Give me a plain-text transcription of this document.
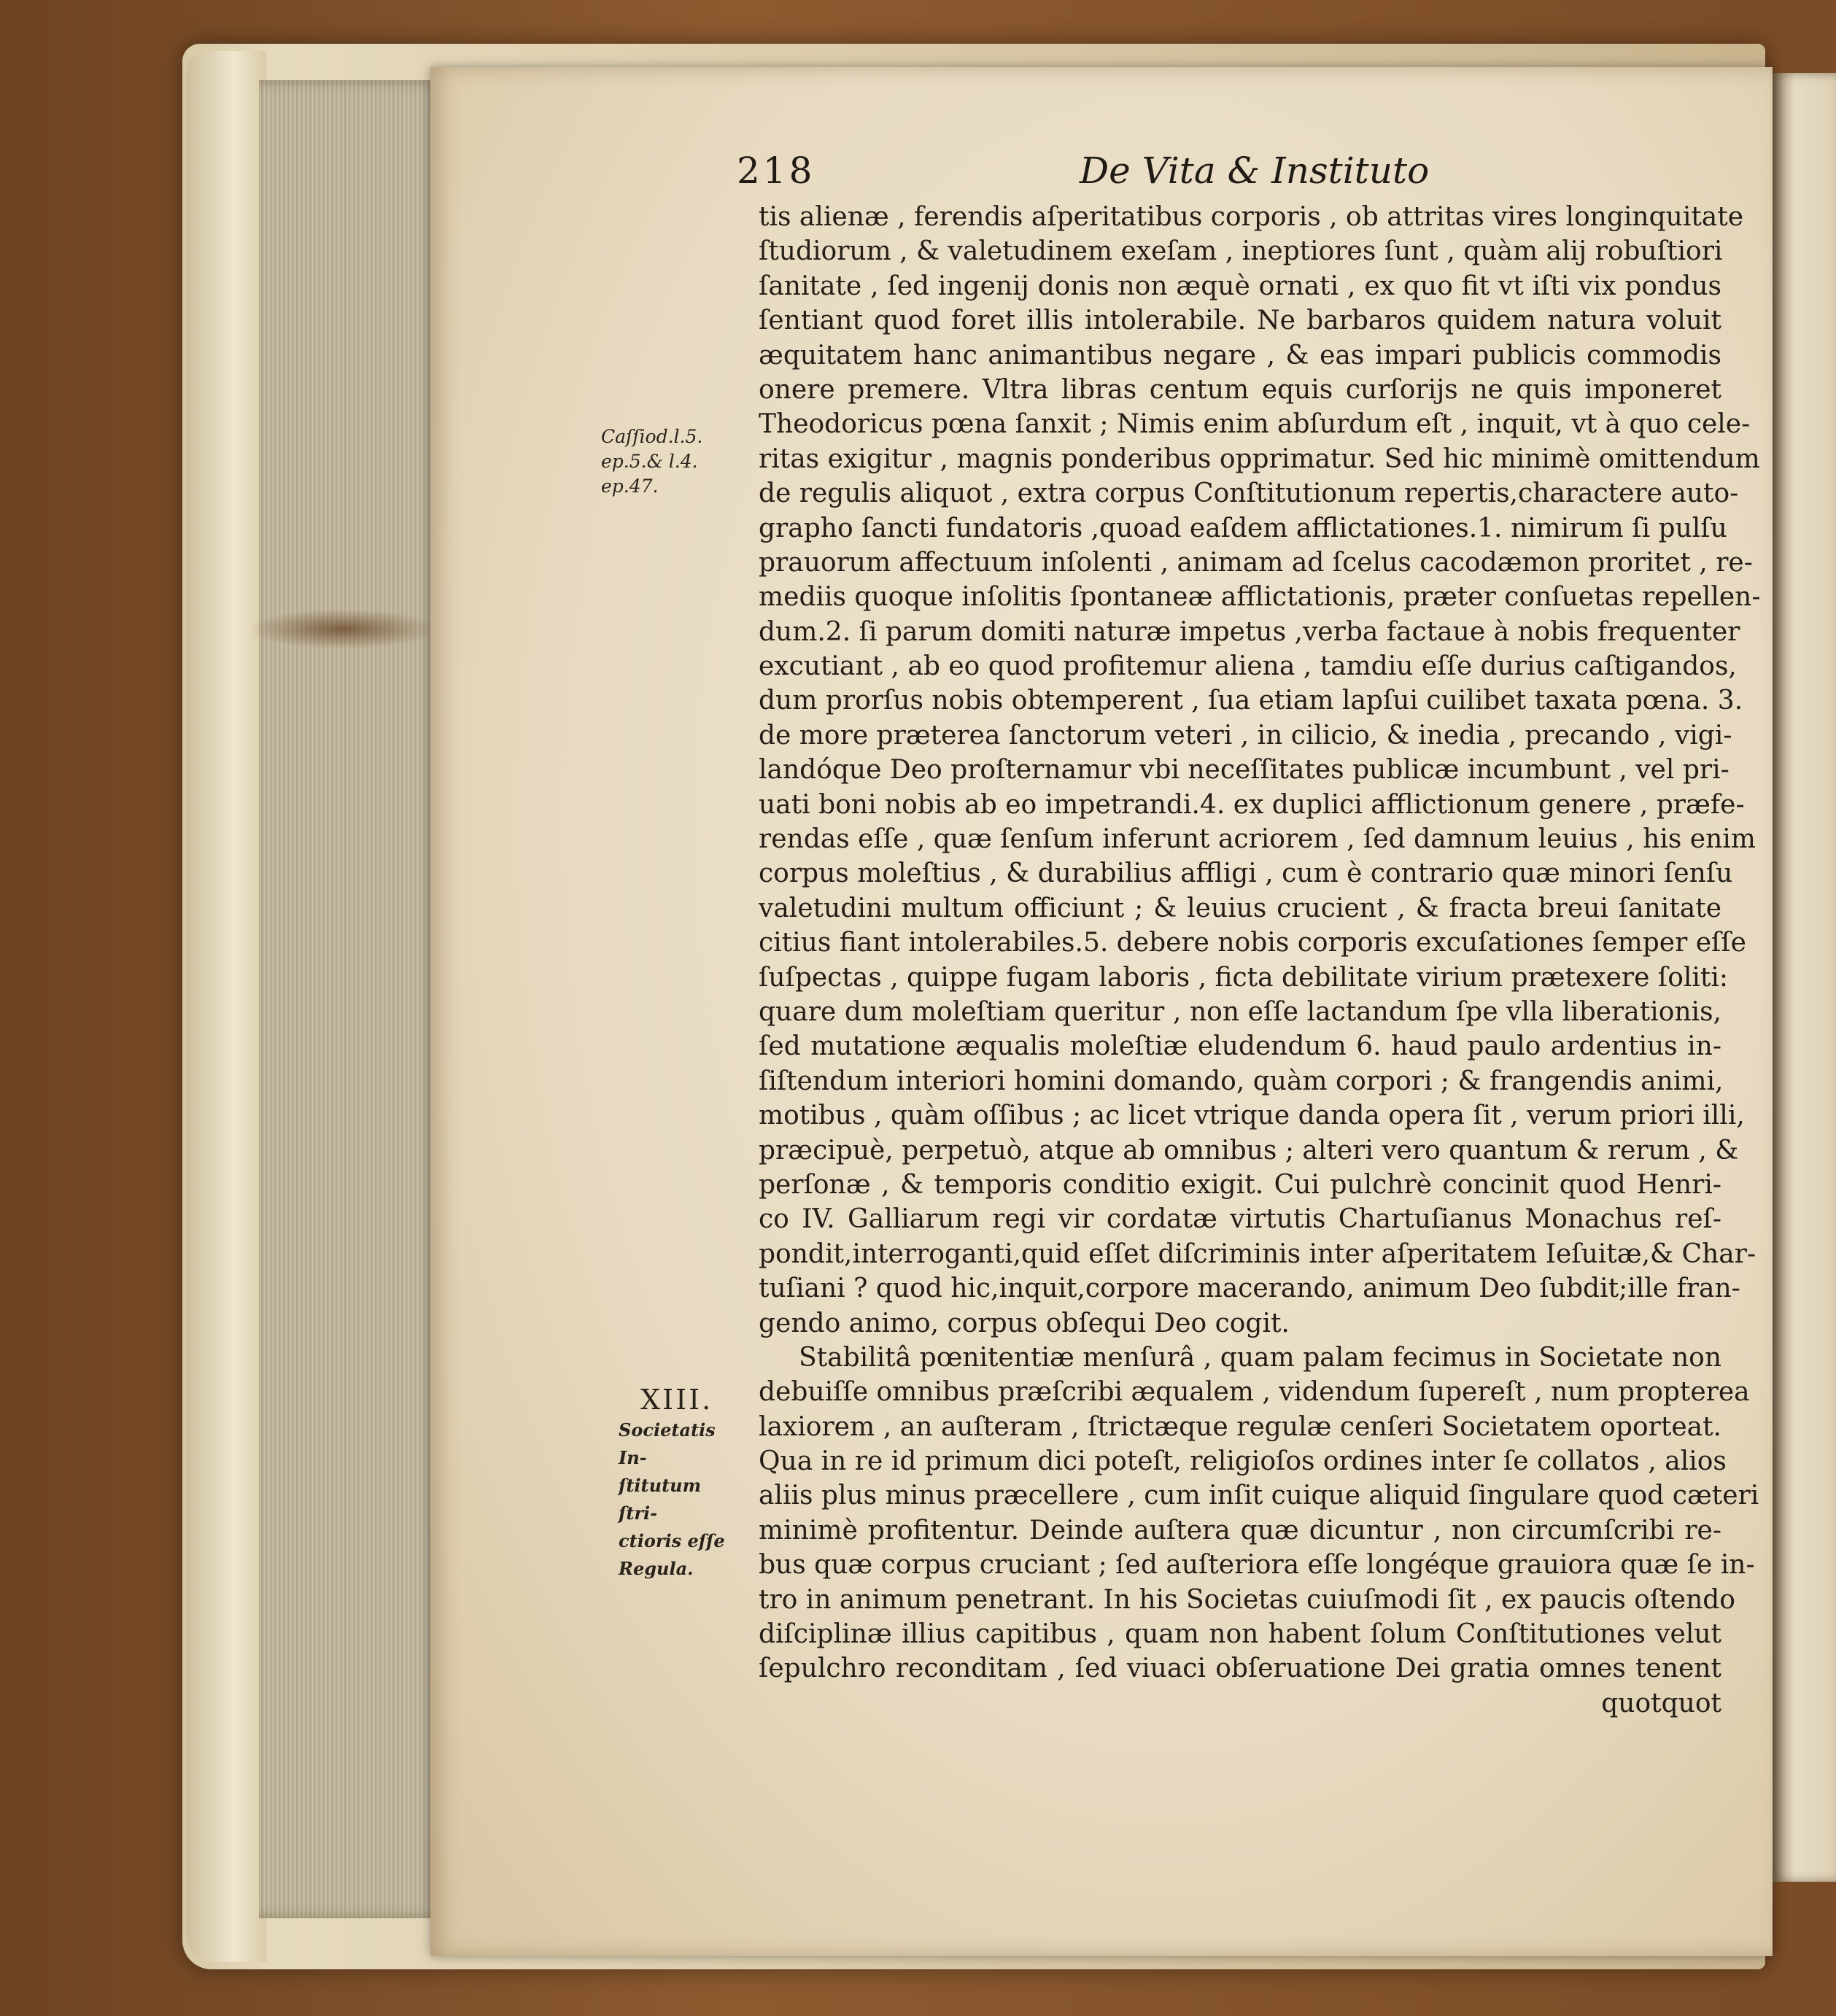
218	De Vita & Instituto
Caſſiod.l.5.
ep.5.& l.4.
ep.47.
XIII.
Societatis In-
ſtitutum ſtri-
ctioris eſſe
Regula.
tis alienæ , ferendis aſperitatibus corporis , ob attritas vires longinquitate
ſtudiorum , & valetudinem exeſam , ineptiores ſunt , quàm alij robuſtiori
ſanitate , ſed ingenij donis non æquè ornati , ex quo fit vt iſti vix pondus
ſentiant quod foret illis intolerabile. Ne barbaros quidem natura voluit
æquitatem hanc animantibus negare , & eas impari publicis commodis
onere premere. Vltra libras centum equis curſorijs ne quis imponeret
Theodoricus pœna ſanxit ; Nimis enim abſurdum eſt , inquit, vt à quo cele-
ritas exigitur , magnis ponderibus opprimatur. Sed hic minimè omittendum
de regulis aliquot , extra corpus Conſtitutionum repertis,charactere auto-
grapho ſancti fundatoris ,quoad eaſdem afflictationes.1. nimirum ſi pulſu
prauorum affectuum inſolenti , animam ad ſcelus cacodæmon proritet , re-
mediis quoque inſolitis ſpontaneæ afflictationis, præter conſuetas repellen-
dum.2. ſi parum domiti naturæ impetus ,verba factaue à nobis frequenter
excutiant , ab eo quod profitemur aliena , tamdiu eſſe durius caſtigandos,
dum prorſus nobis obtemperent , ſua etiam lapſui cuilibet taxata pœna. 3.
de more præterea ſanctorum veteri , in cilicio, & inedia , precando , vigi-
landóque Deo proſternamur vbi neceſſitates publicæ incumbunt , vel pri-
uati boni nobis ab eo impetrandi.4. ex duplici afflictionum genere , præfe-
rendas eſſe , quæ ſenſum inferunt acriorem , ſed damnum leuius , his enim
corpus moleſtius , & durabilius affligi , cum è contrario quæ minori ſenſu
valetudini multum officiunt ; & leuius crucient , & fracta breui ſanitate
citius fiant intolerabiles.5. debere nobis corporis excuſationes ſemper eſſe
ſuſpectas , quippe fugam laboris , ficta debilitate virium prætexere ſoliti:
quare dum moleſtiam queritur , non eſſe lactandum ſpe vlla liberationis,
ſed mutatione æqualis moleſtiæ eludendum 6. haud paulo ardentius in-
ſiſtendum interiori homini domando, quàm corpori ; & frangendis animi,
motibus , quàm oſſibus ; ac licet vtrique danda opera ſit , verum priori illi,
præcipuè, perpetuò, atque ab omnibus ; alteri vero quantum & rerum , &
perſonæ , & temporis conditio exigit. Cui pulchrè concinit quod Henri-
co IV. Galliarum regi vir cordatæ virtutis Chartuſianus Monachus reſ-
pondit,interroganti,quid eſſet diſcriminis inter aſperitatem Ieſuitæ,& Char-
tuſiani ? quod hic,inquit,corpore macerando, animum Deo ſubdit;ille fran-
gendo animo, corpus obſequi Deo cogit.
Stabilitâ pœnitentiæ menſurâ , quam palam fecimus in Societate non
debuiſſe omnibus præſcribi æqualem , videndum ſupereſt , num propterea
laxiorem , an auſteram , ſtrictæque regulæ cenſeri Societatem oporteat.
Qua in re id primum dici poteſt, religioſos ordines inter ſe collatos , alios
aliis plus minus præcellere , cum inſit cuique aliquid ſingulare quod cæteri
minimè profitentur. Deinde auſtera quæ dicuntur , non circumſcribi re-
bus quæ corpus cruciant ; ſed auſteriora eſſe longéque grauiora quæ ſe in-
tro in animum penetrant. In his Societas cuiuſmodi ſit , ex paucis oſtendo
diſciplinæ illius capitibus , quam non habent ſolum Conſtitutiones velut
ſepulchro reconditam , ſed viuaci obſeruatione Dei gratia omnes tenent
quotquot
